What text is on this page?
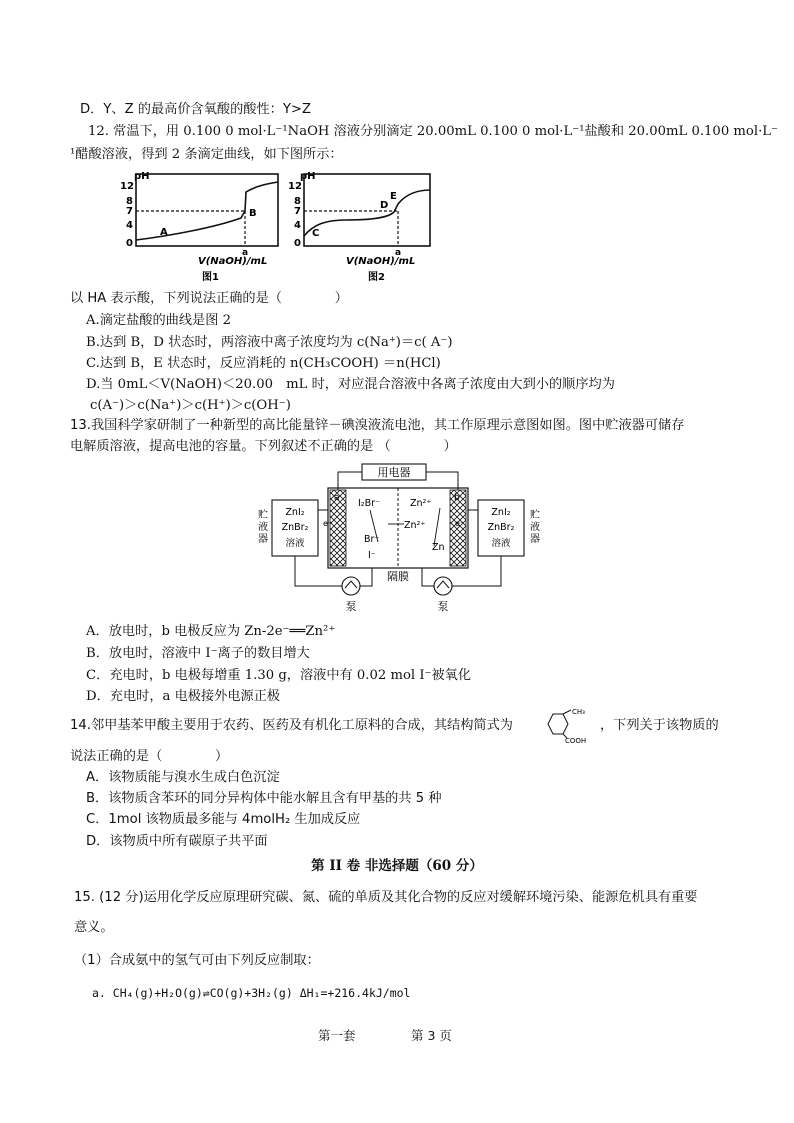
D．Y、Z 的最高价含氧酸的酸性：Y>Z
12. 常温下，用 0.100 0 mol·L⁻¹NaOH 溶液分别滴定 20.00mL 0.100 0 mol·L⁻¹盐酸和 20.00mL 0.100 mol·L⁻
¹醋酸溶液，得到 2 条滴定曲线，如下图所示：
pH
12
8
7
4
0
A
B
a
V(NaOH)/mL
图1
pH
12
8
7
4
0
C
D
E
a
V(NaOH)/mL
图2
以 HA 表示酸，下列说法正确的是（　　　　）
A.滴定盐酸的曲线是图 2
B.达到 B，D 状态时，两溶液中离子浓度均为 c(Na⁺)＝c( A⁻)
C.达到 B，E 状态时，反应消耗的 n(CH₃COOH) ＝n(HCl)
D.当 0mL＜V(NaOH)＜20.00　mL 时，对应混合溶液中各离子浓度由大到小的顺序均为
c(A⁻)＞c(Na⁺)＞c(H⁺)＞c(OH⁻)
13.我国科学家研制了一种新型的高比能量锌－碘溴液流电池，其工作原理示意图如图。图中贮液器可储存
电解质溶液，提高电池的容量。下列叙述不正确的是 （　　　　）
用电器
a	b
e⁻	e⁻
I₂Br⁻
Br⁻
I⁻
Zn²⁺
Zn²⁺
Zn
隔膜
ZnI₂
ZnBr₂
溶液
贮
液
器
ZnI₂
ZnBr₂
溶液
贮
液
器
泵	泵
A．放电时，b 电极反应为 Zn-2e⁻══Zn²⁺
B．放电时，溶液中 I⁻离子的数目增大
C．充电时，b 电极每增重 1.30 g，溶液中有 0.02 mol I⁻被氧化
D．充电时，a 电极接外电源正极
14.邻甲基苯甲酸主要用于农药、医药及有机化工原料的合成，其结构简式为
CH₃
COOH
，下列关于该物质的
说法正确的是（　　　　）
A．该物质能与溴水生成白色沉淀
B．该物质含苯环的同分异构体中能水解且含有甲基的共 5 种
C．1mol 该物质最多能与 4molH₂ 生加成反应
D．该物质中所有碳原子共平面
第 II 卷 非选择题（60 分）
15. (12 分)运用化学反应原理研究碳、氮、硫的单质及其化合物的反应对缓解环境污染、能源危机具有重要
意义。
（1）合成氨中的氢气可由下列反应制取：
a. CH₄(g)+H₂O(g)⇌CO(g)+3H₂(g) ΔH₁=+216.4kJ/mol
第一套	第 3 页
